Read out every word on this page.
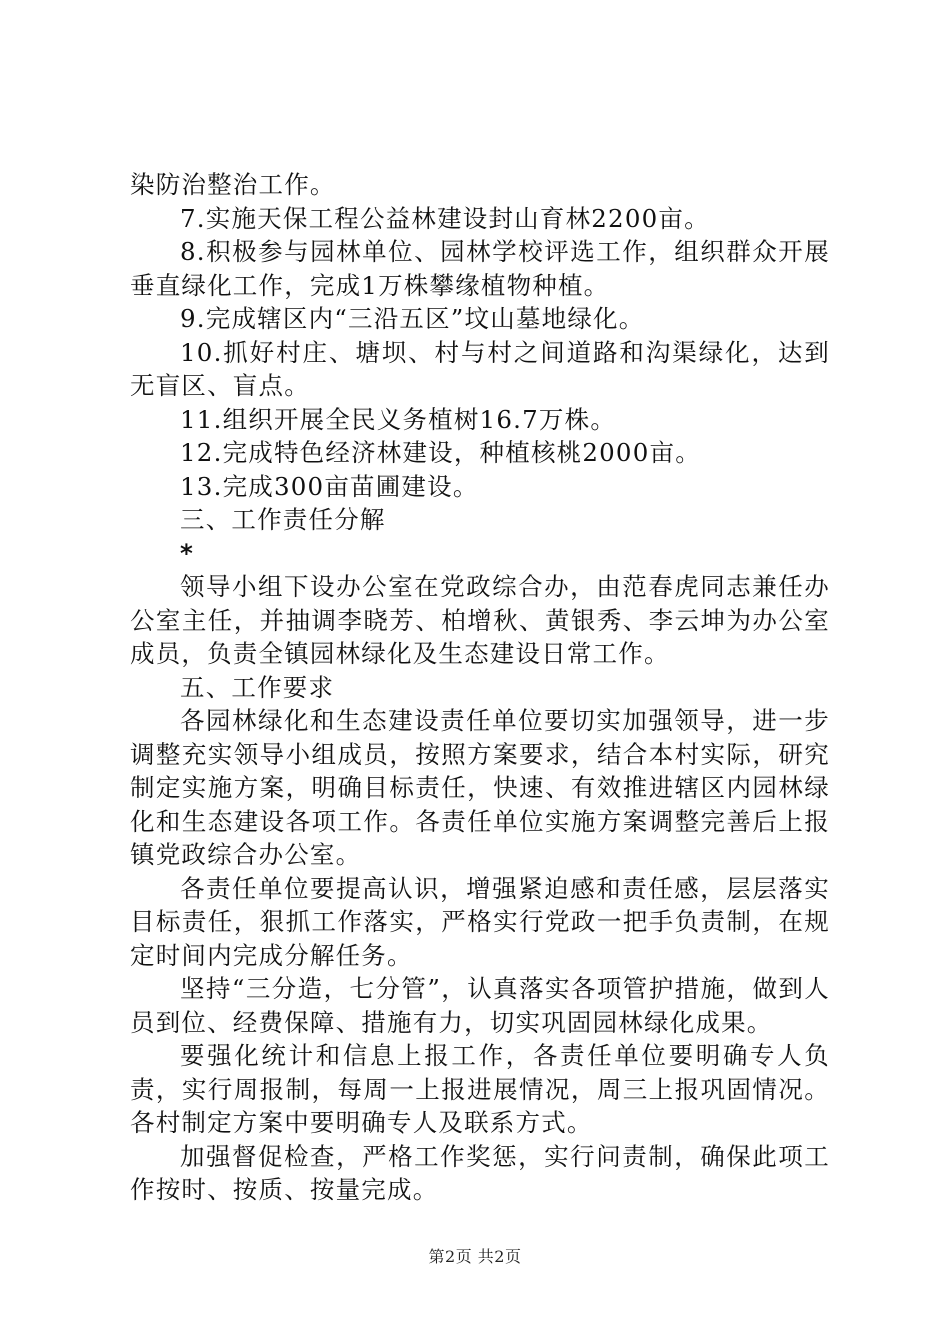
染防治整治工作。

7.实施天保工程公益林建设封山育林2200亩。

8.积极参与园林单位、园林学校评选工作，组织群众开展垂直绿化工作，完成1万株攀缘植物种植。

9.完成辖区内“三沿五区”坟山墓地绿化。

10.抓好村庄、塘坝、村与村之间道路和沟渠绿化，达到无盲区、盲点。

11.组织开展全民义务植树16.7万株。

12.完成特色经济林建设，种植核桃2000亩。

13.完成300亩苗圃建设。

三、工作责任分解

*

领导小组下设办公室在党政综合办，由范春虎同志兼任办公室主任，并抽调李晓芳、柏增秋、黄银秀、李云坤为办公室成员，负责全镇园林绿化及生态建设日常工作。

五、工作要求

各园林绿化和生态建设责任单位要切实加强领导，进一步调整充实领导小组成员，按照方案要求，结合本村实际，研究制定实施方案，明确目标责任，快速、有效推进辖区内园林绿化和生态建设各项工作。各责任单位实施方案调整完善后上报镇党政综合办公室。

各责任单位要提高认识，增强紧迫感和责任感，层层落实目标责任，狠抓工作落实，严格实行党政一把手负责制，在规定时间内完成分解任务。

坚持“三分造，七分管”，认真落实各项管护措施，做到人员到位、经费保障、措施有力，切实巩固园林绿化成果。

要强化统计和信息上报工作，各责任单位要明确专人负责，实行周报制，每周一上报进展情况，周三上报巩固情况。各村制定方案中要明确专人及联系方式。

加强督促检查，严格工作奖惩，实行问责制，确保此项工作按时、按质、按量完成。

第2页 共2页
